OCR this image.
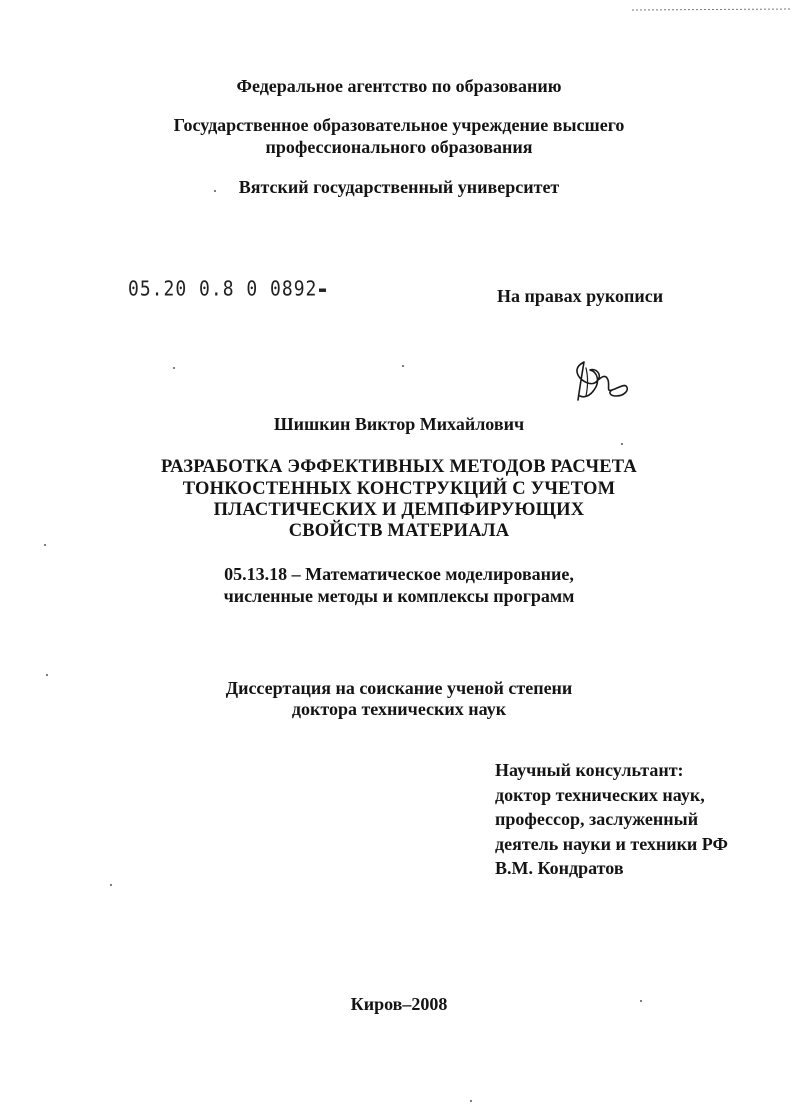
Федеральное агентство по образованию
Государственное образовательное учреждение высшего
профессионального образования
Вятский государственный университет
05.20 0.8 0 0892	На правах рукописи
Шишкин Виктор Михайлович
РАЗРАБОТКА ЭФФЕКТИВНЫХ МЕТОДОВ РАСЧЕТА
ТОНКОСТЕННЫХ КОНСТРУКЦИЙ С УЧЕТОМ
ПЛАСТИЧЕСКИХ И ДЕМПФИРУЮЩИХ
СВОЙСТВ МАТЕРИАЛА
05.13.18 – Математическое моделирование,
численные методы и комплексы программ
Диссертация на соискание ученой степени
доктора технических наук
Научный консультант:
доктор технических наук,
профессор, заслуженный
деятель науки и техники РФ
В.М. Кондратов
Киров–2008
